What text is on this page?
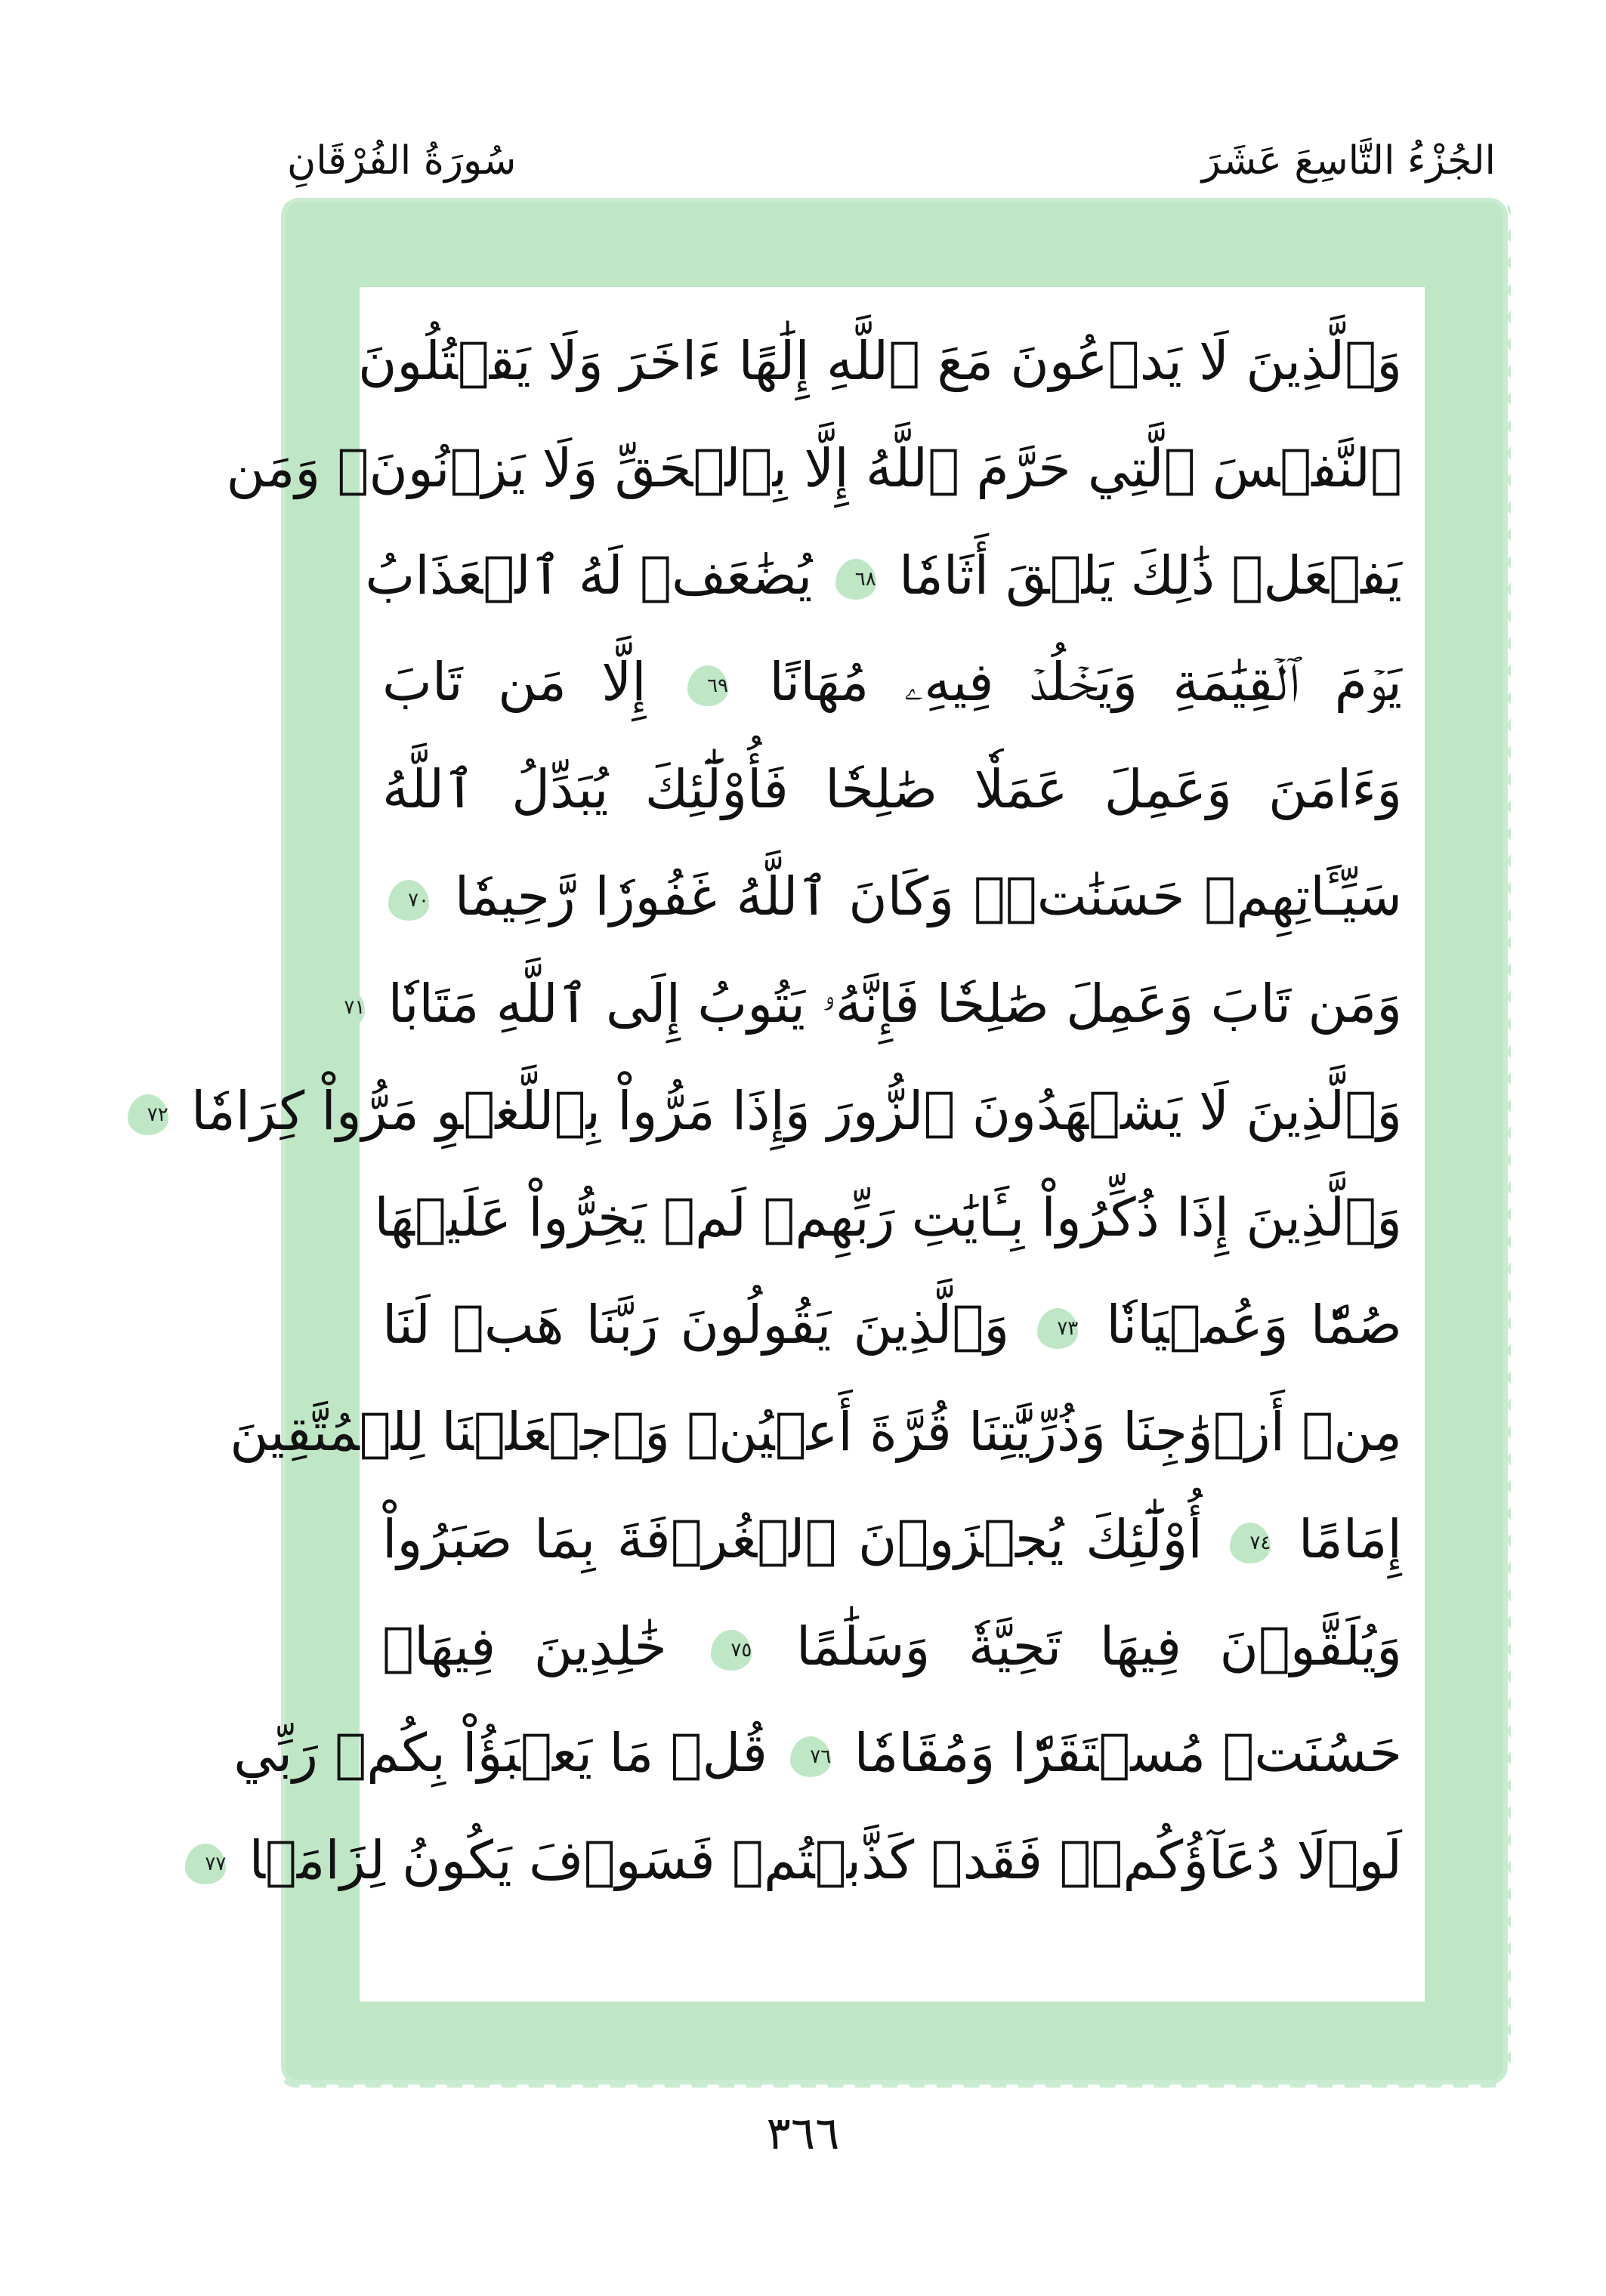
الجُزْءُ التَّاسِعَ عَشَرَ
سُورَةُ الفُرْقَانِ
وَٱلَّذِينَ لَا يَدۡعُونَ مَعَ ٱللَّهِ إِلَٰهًا ءَاخَرَ وَلَا يَقۡتُلُونَ
ٱلنَّفۡسَ ٱلَّتِي حَرَّمَ ٱللَّهُ إِلَّا بِٱلۡحَقِّ وَلَا يَزۡنُونَۚ وَمَن
يَفۡعَلۡ ذَٰلِكَ يَلۡقَ أَثَامٗا ٦٨ يُضَٰعَفۡ لَهُ ٱلۡعَذَابُ
يَوۡمَ ٱلۡقِيَٰمَةِ وَيَخۡلُدۡ فِيهِۦ مُهَانًا ٦٩ إِلَّا مَن تَابَ
وَءَامَنَ وَعَمِلَ عَمَلٗا صَٰلِحٗا فَأُوْلَٰٓئِكَ يُبَدِّلُ ٱللَّهُ
سَيِّـَٔاتِهِمۡ حَسَنَٰتٖۗ وَكَانَ ٱللَّهُ غَفُورٗا رَّحِيمٗا ٧٠
وَمَن تَابَ وَعَمِلَ صَٰلِحٗا فَإِنَّهُۥ يَتُوبُ إِلَى ٱللَّهِ مَتَابٗا ٧١
وَٱلَّذِينَ لَا يَشۡهَدُونَ ٱلزُّورَ وَإِذَا مَرُّواْ بِٱللَّغۡوِ مَرُّواْ كِرَامٗا ٧٢
وَٱلَّذِينَ إِذَا ذُكِّرُواْ بِـَٔايَٰتِ رَبِّهِمۡ لَمۡ يَخِرُّواْ عَلَيۡهَا
صُمّٗا وَعُمۡيَانٗا ٧٣ وَٱلَّذِينَ يَقُولُونَ رَبَّنَا هَبۡ لَنَا
مِنۡ أَزۡوَٰجِنَا وَذُرِّيَّٰتِنَا قُرَّةَ أَعۡيُنٖ وَٱجۡعَلۡنَا لِلۡمُتَّقِينَ
إِمَامًا ٧٤ أُوْلَٰٓئِكَ يُجۡزَوۡنَ ٱلۡغُرۡفَةَ بِمَا صَبَرُواْ
وَيُلَقَّوۡنَ فِيهَا تَحِيَّةٗ وَسَلَٰمًا ٧٥ خَٰلِدِينَ فِيهَاۚ
حَسُنَتۡ مُسۡتَقَرّٗا وَمُقَامٗا ٧٦ قُلۡ مَا يَعۡبَؤُاْ بِكُمۡ رَبِّي
لَوۡلَا دُعَآؤُكُمۡۖ فَقَدۡ كَذَّبۡتُمۡ فَسَوۡفَ يَكُونُ لِزَامَۢا ٧٧
٣٦٦
